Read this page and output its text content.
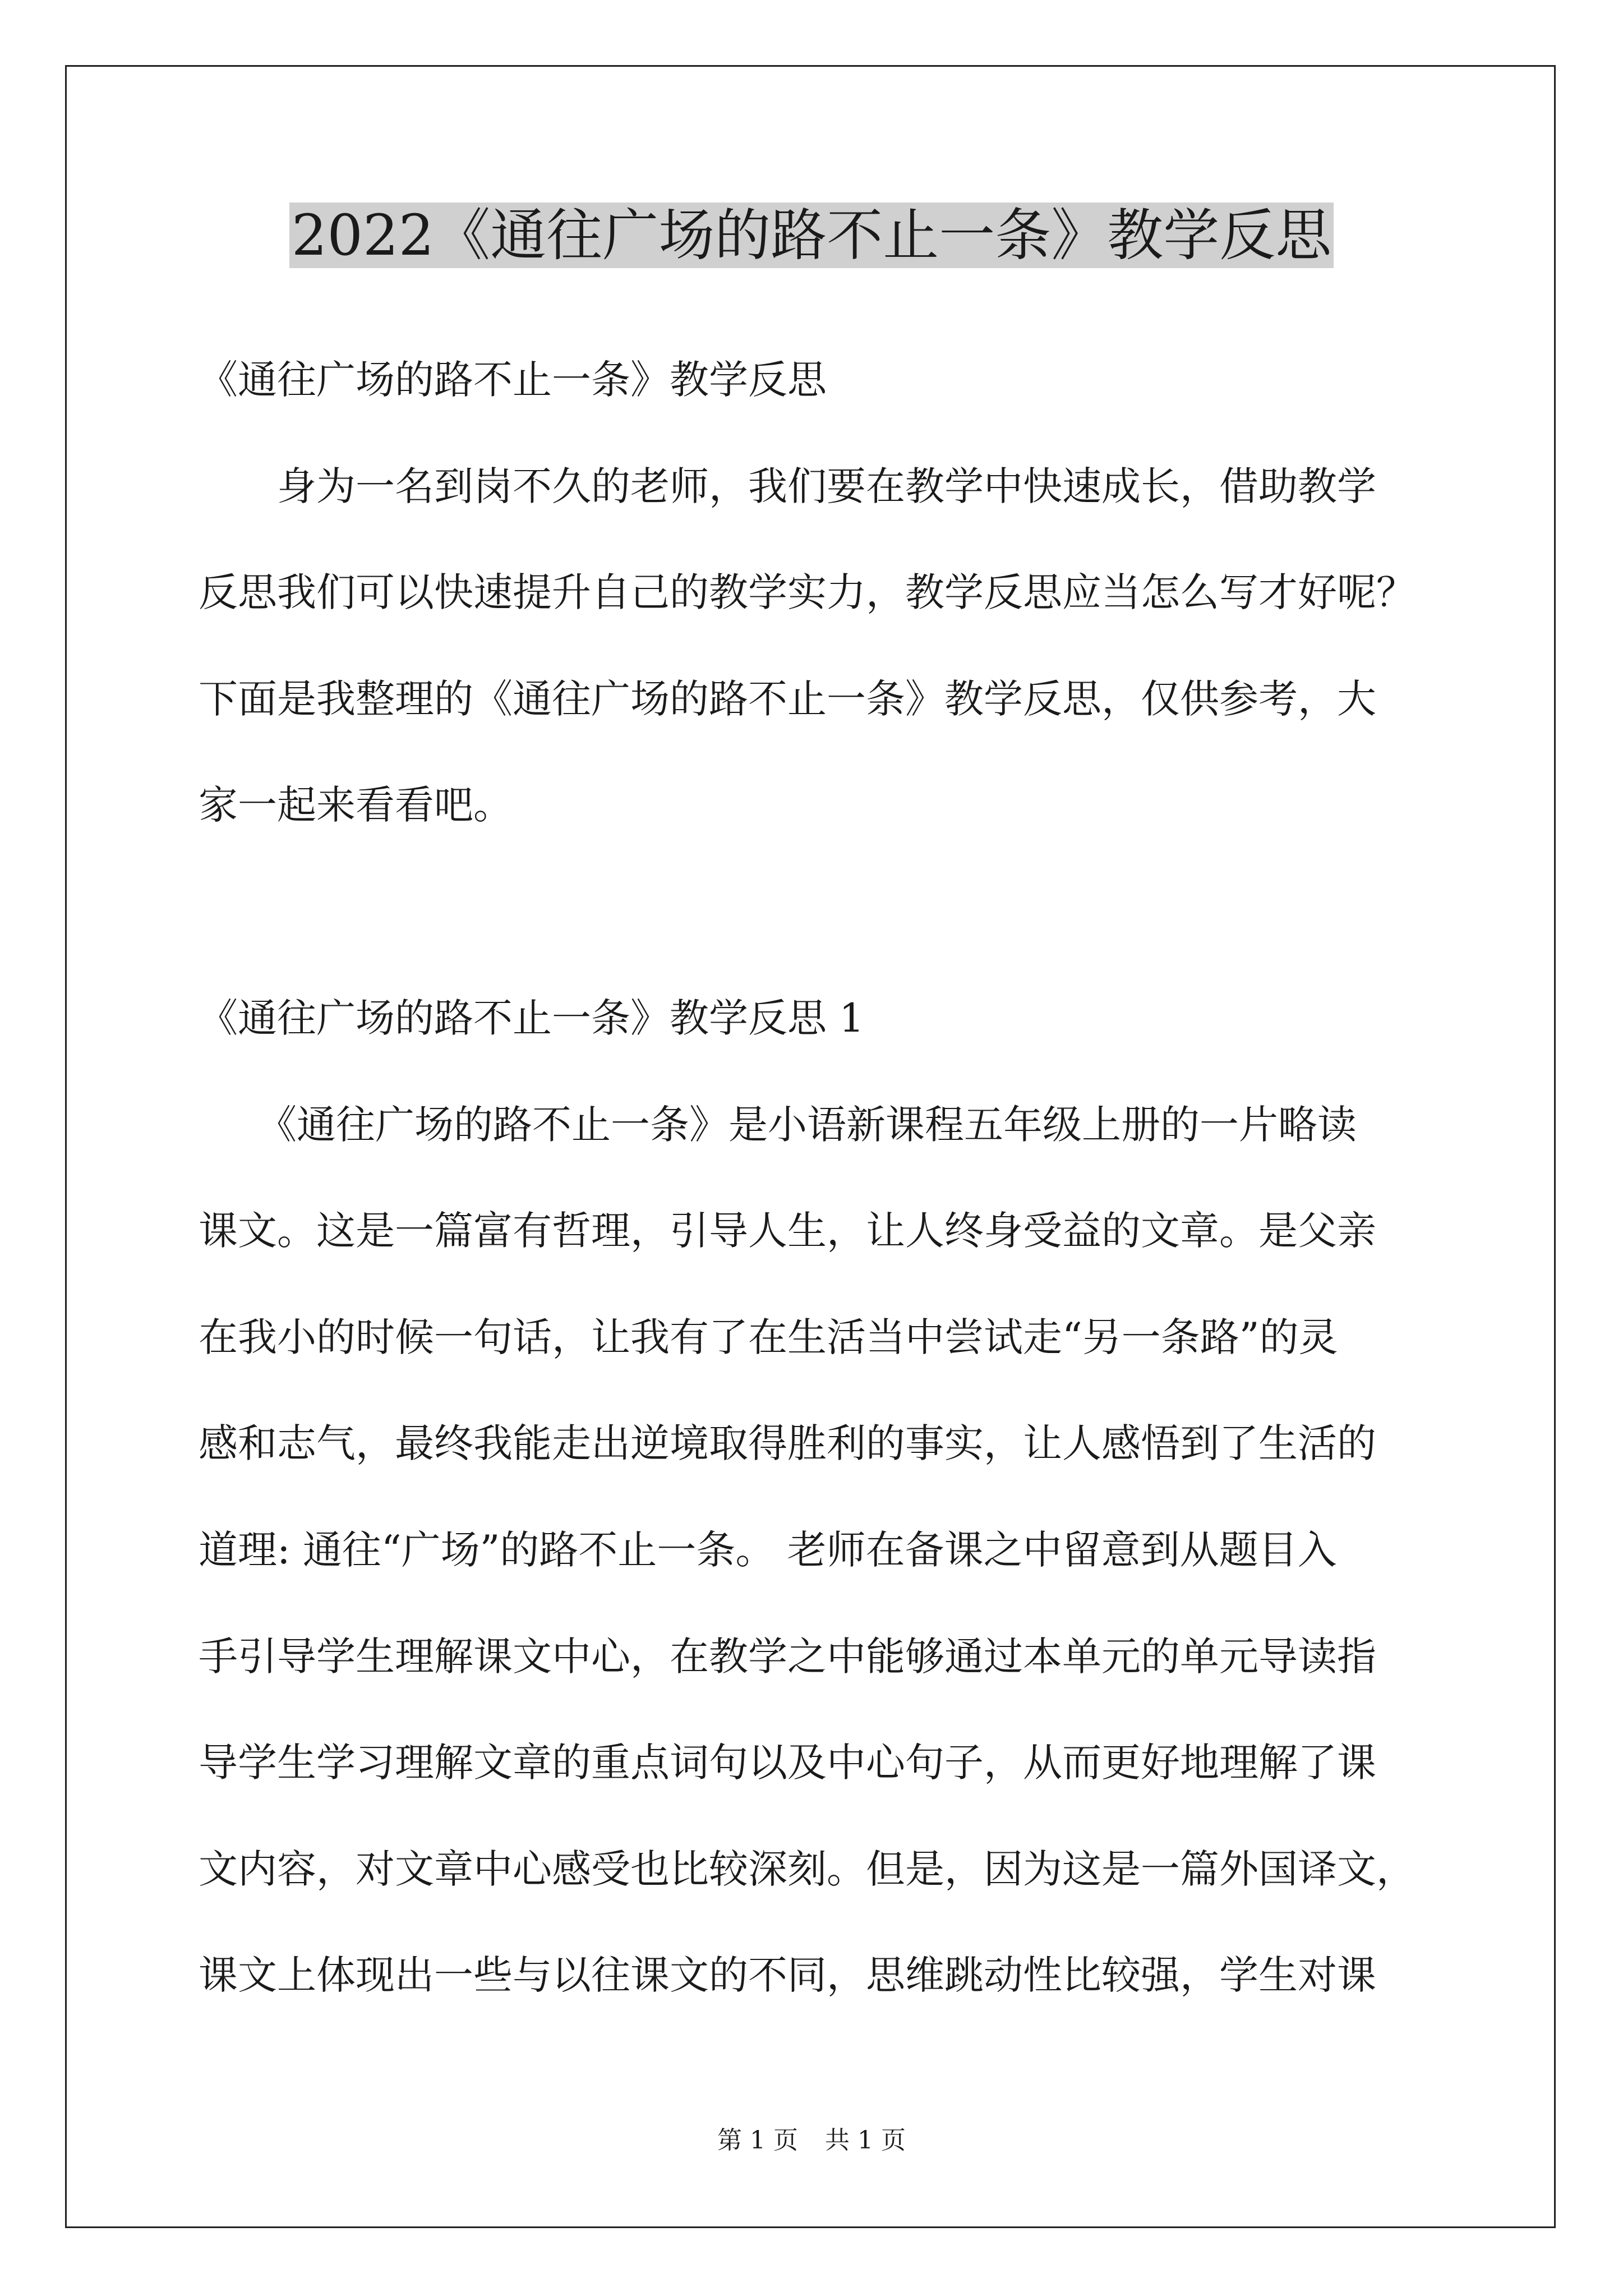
2022《通往广场的路不止一条》教学反思

《通往广场的路不止一条》教学反思

　　身为一名到岗不久的老师，我们要在教学中快速成长，借助教学

反思我们可以快速提升自己的教学实力，教学反思应当怎么写才好呢？

下面是我整理的《通往广场的路不止一条》教学反思，仅供参考，大

家一起来看看吧。

《通往广场的路不止一条》教学反思 1

　　《通往广场的路不止一条》是小语新课程五年级上册的一片略读

课文。这是一篇富有哲理，引导人生，让人终身受益的文章。是父亲

在我小的时候一句话，让我有了在生活当中尝试走“另一条路”的灵

感和志气，最终我能走出逆境取得胜利的事实，让人感悟到了生活的

道理: 通往“广场”的路不止一条。 老师在备课之中留意到从题目入

手引导学生理解课文中心，在教学之中能够通过本单元的单元导读指

导学生学习理解文章的重点词句以及中心句子，从而更好地理解了课

文内容，对文章中心感受也比较深刻。但是，因为这是一篇外国译文，

课文上体现出一些与以往课文的不同，思维跳动性比较强，学生对课

第 1 页 共 1 页
